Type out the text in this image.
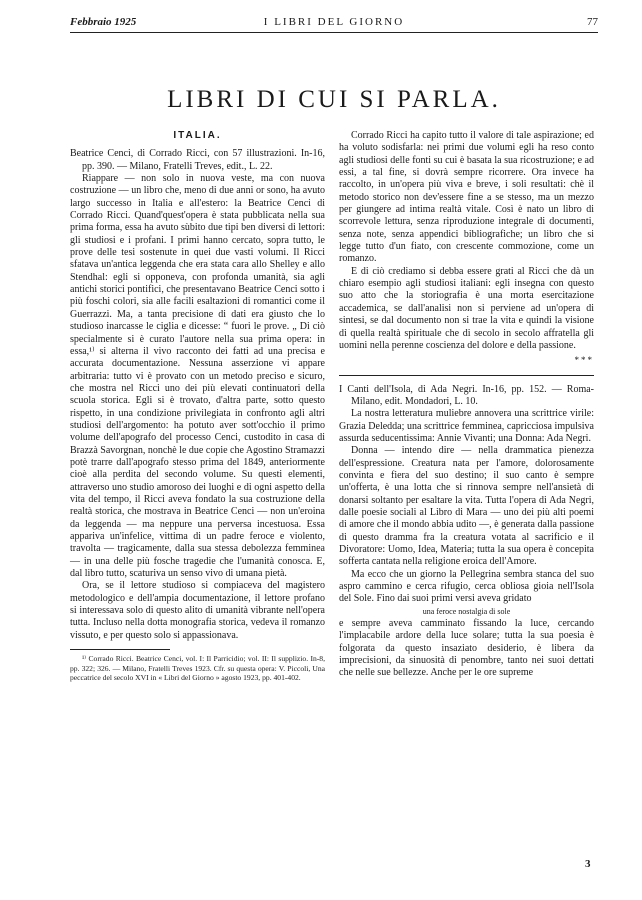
Febbraio 1925	I LIBRI DEL GIORNO	77
LIBRI DI CUI SI PARLA.
ITALIA.

Beatrice Cenci, di Corrado Ricci, con 57 illustrazioni. In-16, pp. 390. — Milano, Fratelli Treves, edit., L. 22.

Riappare — non solo in nuova veste, ma con nuova costruzione — un libro che, meno di due anni or sono, ha avuto largo successo in Italia e all'estero: la Beatrice Cenci di Corrado Ricci. Quand'quest'opera è stata pubblicata nella sua prima forma, essa ha avuto sùbito due tipi ben diversi di lettori: gli studiosi e i profani. I primi hanno cercato, sopra tutto, le prove delle tesi sostenute in quei due vasti volumi. Il Ricci sfatava un'antica leggenda che era stata cara allo Shelley e allo Stendhal: egli si opponeva, con profonda umanità, sia agli antichi storici pontifici, che presentavano Beatrice Cenci sotto i più foschi colori, sia alle facili esaltazioni di romantici come il Guerrazzi. Ma, a tanta precisione di dati era giusto che lo studioso inarcasse le ciglia e dicesse: “ fuori le prove. „ Di ciò specialmente si è curato l'autore nella sua prima opera: in essa,¹⁾ si alterna il vivo racconto dei fatti ad una precisa e accurata documentazione. Nessuna asserzione vi appare arbitraria: tutto vi è provato con un metodo preciso e sicuro, che mostra nel Ricci uno dei più elevati continuatori della scuola storica. Egli si è trovato, d'altra parte, sotto questo rispetto, in una condizione privilegiata in confronto agli altri studiosi dell'argomento: ha potuto aver sott'occhio il primo volume dell'apografo del processo Cenci, custodito in casa di Brazzà Savorgnan, nonchè le due copie che Agostino Stramazzi potè trarre dall'apografo stesso prima del 1849, anteriormente cioè alla perdita del secondo volume. Su questi elementi, attraverso uno studio amoroso dei luoghi e di ogni aspetto della vita del tempo, il Ricci aveva fondato la sua costruzione della realtà storica, che mostrava in Beatrice Cenci — non un'eroina da leggenda — ma neppure una perversa incestuosa. Essa appariva un'infelice, vittima di un padre feroce e violento, travolta — tragicamente, dalla sua stessa debolezza femminea — in una delle più fosche tragedie che l'umanità conosca. E, dal libro tutto, scaturiva un senso vivo di umana pietà.

Ora, se il lettore studioso si compiaceva del magistero metodologico e dell'ampia documentazione, il lettore profano si interessava solo di questo alito di umanità vibrante nell'opera tutta. Incluso nella dotta monografia storica, vedeva il romanzo vissuto, e per questo solo si appassionava.

¹⁾ Corrado Ricci. Beatrice Cenci, vol. I: Il Parricidio; vol. II: Il supplizio. In-8, pp. 322; 326. — Milano, Fratelli Treves 1923. Cfr. su questa opera: V. Piccoli, Una peccatrice del secolo XVI in « Libri del Giorno » agosto 1923, pp. 401-402.

Corrado Ricci ha capito tutto il valore di tale aspirazione; ed ha voluto sodisfarla: nei primi due volumi egli ha reso conto agli studiosi delle fonti su cui è basata la sua ricostruzione; e ad essi, a tal fine, si dovrà sempre ricorrere. Ora invece ha raccolto, in un'opera più viva e breve, i soli resultati: chè il metodo storico non dev'essere fine a se stesso, ma un mezzo per giungere ad intima realtà vitale. Così è nato un libro di scorrevole lettura, senza riproduzione integrale di documenti, senza note, senza appendici bibliografiche; un libro che si legge tutto d'un fiato, con crescente commozione, come un romanzo.

E di ciò crediamo si debba essere grati al Ricci che dà un chiaro esempio agli studiosi italiani: egli insegna con questo suo atto che la storiografia è una morta esercitazione accademica, se dall'analisi non si perviene ad un'opera di sintesi, se dal documento non si trae la vita e quindi la visione di quella realtà spirituale che di secolo in secolo affratella gli uomini nella perenne coscienza del dolore e della passione.

***

I Canti dell'Isola, di Ada Negri. In-16, pp. 152. — Roma-Milano, edit. Mondadori, L. 10.

La nostra letteratura muliebre annovera una scrittrice virile: Grazia Deledda; una scrittrice femminea, capricciosa impulsiva assurda seducentissima: Annie Vivanti; una Donna: Ada Negri.

Donna — intendo dire — nella drammatica pienezza dell'espressione. Creatura nata per l'amore, dolorosamente convinta e fiera del suo destino; il suo canto è sempre un'offerta, è una lotta che si rinnova sempre nell'ansietà di donarsi soltanto per esaltare la vita. Tutta l'opera di Ada Negri, dalle poesie sociali al Libro di Mara — uno dei più alti poemi di amore che il mondo abbia udito —, è generata dalla passione di questo dramma fra la creatura votata al sacrificio e il Divoratore: Uomo, Idea, Materia; tutta la sua opera è concepita sofferta cantata nella religione eroica dell'Amore.

Ma ecco che un giorno la Pellegrina sembra stanca del suo aspro cammino e cerca rifugio, cerca obliosa gioia nell'Isola del Sole. Fino dai suoi primi versi aveva gridato

una feroce nostalgia di sole

e sempre aveva camminato fissando la luce, cercando l'implacabile ardore della luce solare; tutta la sua poesia è folgorata da questo insaziato desiderio, è libera da imprecisioni, da sinuosità di penombre, tanto nei suoi dettati che nelle sue bellezze. Anche per le ore supreme

3
